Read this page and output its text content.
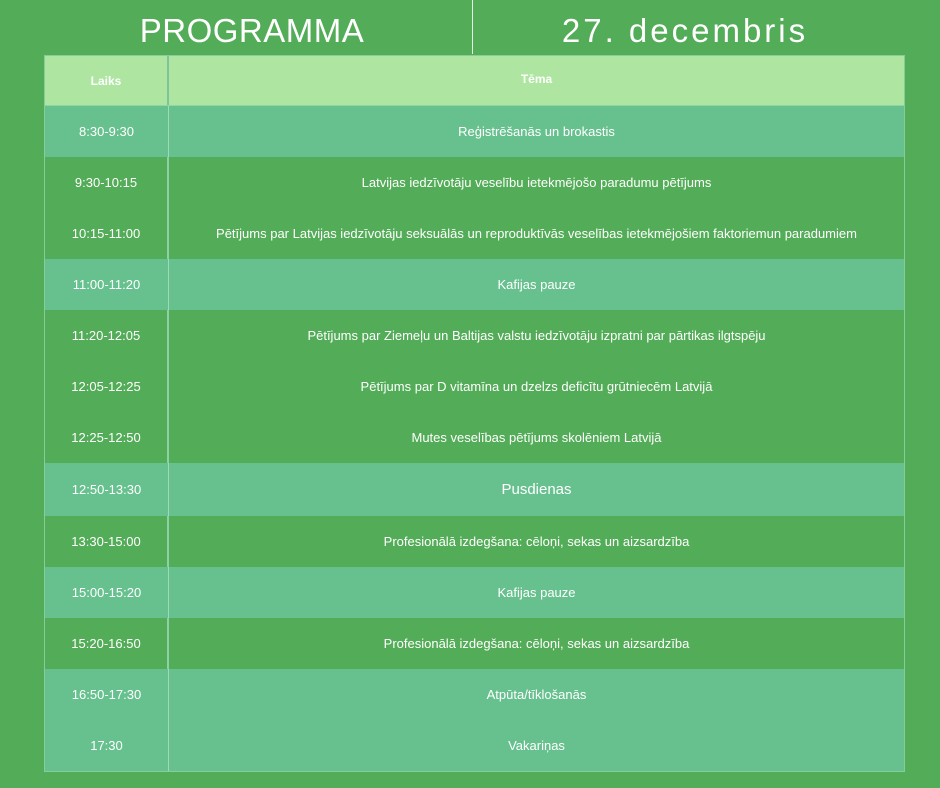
PROGRAMMA	27. decembris
Laiks	Tēma
8:30-9:30	Reģistrēšanās un brokastis
9:30-10:15	Latvijas iedzīvotāju veselību ietekmējošo paradumu pētījums
10:15-11:00	Pētījums par Latvijas iedzīvotāju seksuālās un reproduktīvās veselības ietekmējošiem faktoriemun paradumiem
11:00-11:20	Kafijas pauze
11:20-12:05	Pētījums par Ziemeļu un Baltijas valstu iedzīvotāju izpratni par pārtikas ilgtspēju
12:05-12:25	Pētījums par D vitamīna un dzelzs deficītu grūtniecēm Latvijā
12:25-12:50	Mutes veselības pētījums skolēniem Latvijā
12:50-13:30	Pusdienas
13:30-15:00	Profesionālā izdegšana: cēloņi, sekas un aizsardzība
15:00-15:20	Kafijas pauze
15:20-16:50	Profesionālā izdegšana: cēloņi, sekas un aizsardzība
16:50-17:30	Atpūta/tīklošanās
17:30	Vakariņas
